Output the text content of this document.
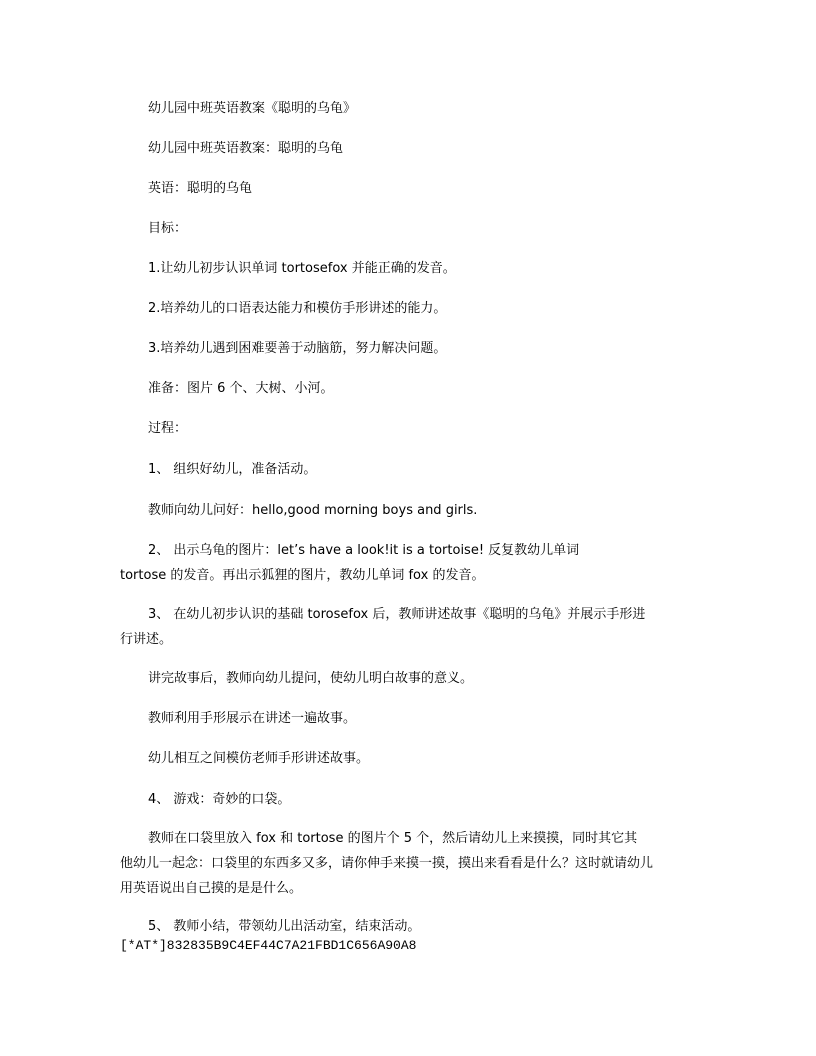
幼儿园中班英语教案《聪明的乌龟》
幼儿园中班英语教案：聪明的乌龟
英语：聪明的乌龟
目标：
1.让幼儿初步认识单词 tortosefox 并能正确的发音。
2.培养幼儿的口语表达能力和模仿手形讲述的能力。
3.培养幼儿遇到困难要善于动脑筋，努力解决问题。
准备：图片 6 个、大树、小河。
过程：
1、 组织好幼儿，准备活动。
教师向幼儿问好：hello,good morning boys and girls.
2、 出示乌龟的图片：let’s have a look!it is a tortoise! 反复教幼儿单词
tortose 的发音。再出示狐狸的图片，教幼儿单词 fox 的发音。
3、 在幼儿初步认识的基础 torosefox 后，教师讲述故事《聪明的乌龟》并展示手形进
行讲述。
讲完故事后，教师向幼儿提问，使幼儿明白故事的意义。
教师利用手形展示在讲述一遍故事。
幼儿相互之间模仿老师手形讲述故事。
4、 游戏：奇妙的口袋。
教师在口袋里放入 fox 和 tortose 的图片个 5 个，然后请幼儿上来摸摸，同时其它其
他幼儿一起念：口袋里的东西多又多，请你伸手来摸一摸，摸出来看看是什么？这时就请幼儿
用英语说出自己摸的是是什么。
5、 教师小结，带领幼儿出活动室，结束活动。
[*AT*]832835B9C4EF44C7A21FBD1C656A90A8
